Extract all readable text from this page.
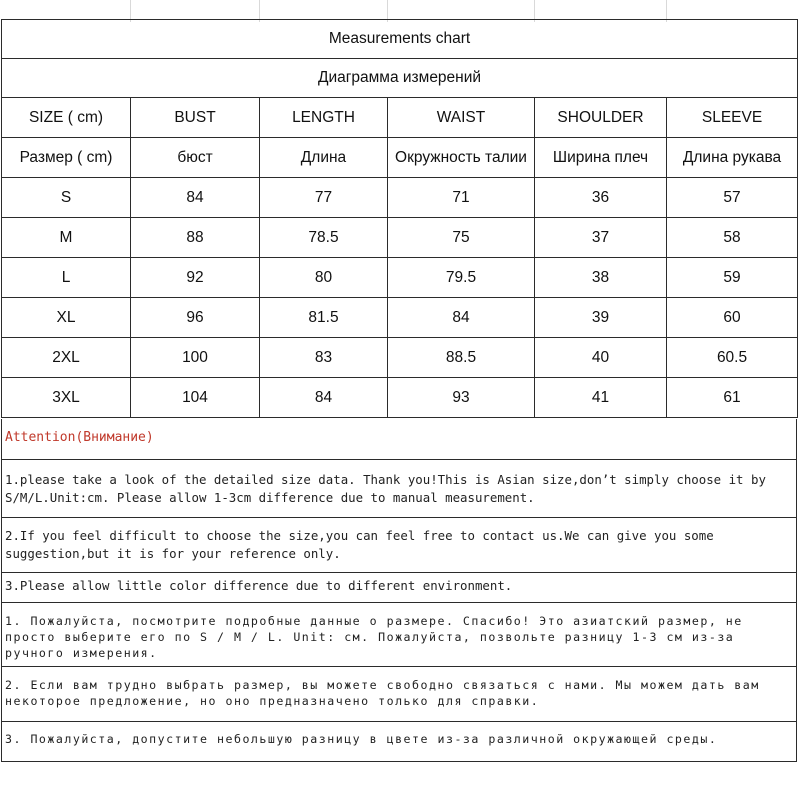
Measurements chart					
Диаграмма измерений					
SIZE ( cm)	BUST	LENGTH	WAIST	SHOULDER	SLEEVE
Размер ( cm)	бюст	Длина	Окружность талии	Ширина плеч	Длина рукава
S	84	77	71	36	57
M	88	78.5	75	37	58
L	92	80	79.5	38	59
XL	96	81.5	84	39	60
2XL	100	83	88.5	40	60.5
3XL	104	84	93	41	61
Attention(Внимание)
1.please take a look of the detailed size data. Thank you!This is Asian size,don’t simply choose it by S/M/L.Unit:cm. Please allow 1-3cm difference due to manual measurement.
2.If you feel difficult to choose the size,you can feel free to contact us.We can give you some suggestion,but it is for your reference only.
3.Please allow little color difference due to different environment.
1. Пожалуйста, посмотрите подробные данные о размере. Спасибо! Это азиатский размер, не просто выберите его по S / M / L. Unit: см. Пожалуйста, позвольте разницу 1-3 см из-за ручного измерения.
2. Если вам трудно выбрать размер, вы можете свободно связаться с нами. Мы можем дать вам некоторое предложение, но оно предназначено только для справки.
3. Пожалуйста, допустите небольшую разницу в цвете из-за различной окружающей среды.
